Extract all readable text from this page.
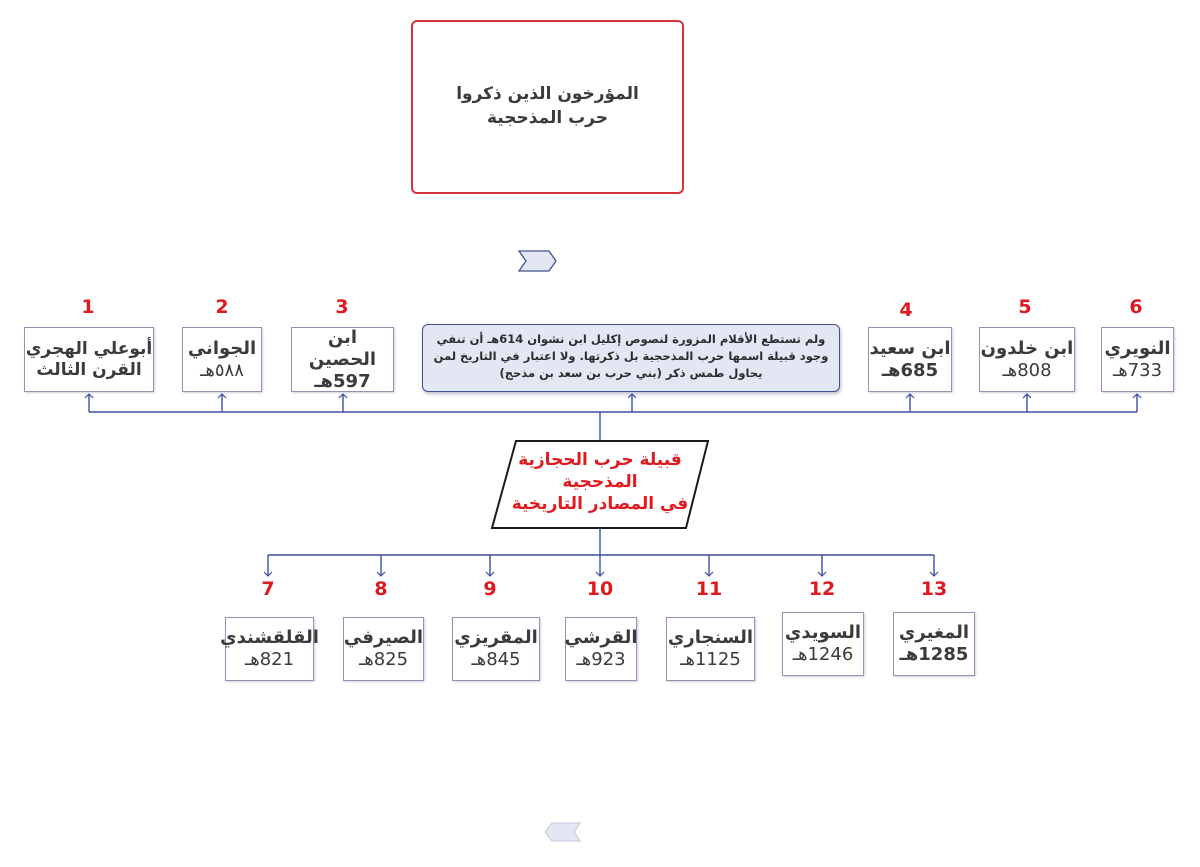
المؤرخون الذين ذكروا
حرب المذحجية
قبيلة حرب الحجازية
المذحجية
في المصادر التاريخية
ولم تستطع الأقلام المزورة لنصوص إكليل ابن نشوان 614هـ أن تنفي وجود قبيلة اسمها حرب المذحجية بل ذكرتها. ولا اعتبار في التاريخ لمن يحاول طمس ذكر (بني حرب بن سعد بن مذحج)
1	2	3	4	5	6
أبوعلي الهجري
القرن الثالث
الجواني
٥٨٨هـ
ابن الحصين
597هـ
ابن سعيد
685هـ
ابن خلدون
808هـ
النويري
733هـ
7	8	9	10	11	12	13
القلقشندي
821هـ
الصيرفي
825هـ
المقريزي
845هـ
القرشي
923هـ
السنجاري
1125هـ
السويدي
1246هـ
المغيري
1285هـ
